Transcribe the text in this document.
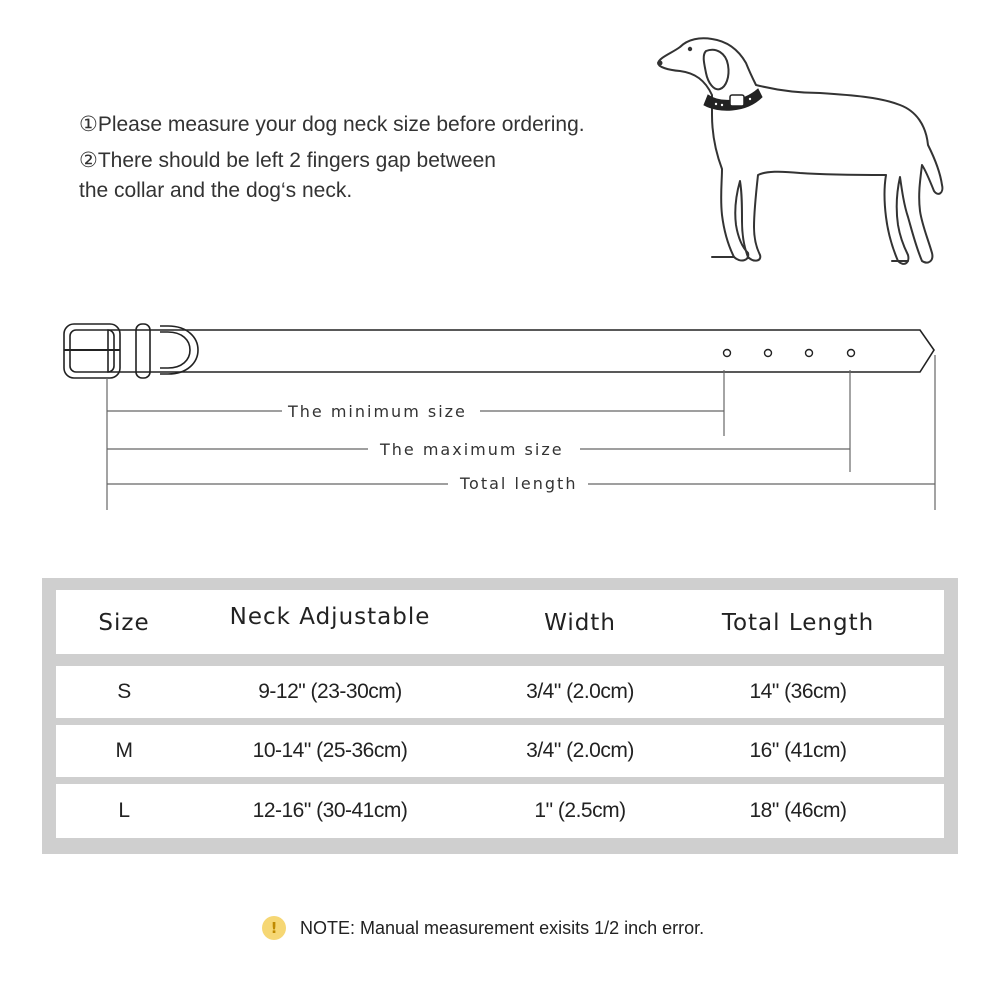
①Please measure your dog neck size before ordering.

②There should be left 2 fingers gap between
the collar and the dog‘s neck.

The minimum size
The maximum size
Total length
Size	Neck Adjustable	Width	Total Length
S	9-12" (23-30cm)	3/4" (2.0cm)	14" (36cm)
M	10-14" (25-36cm)	3/4" (2.0cm)	16" (41cm)
L	12-16" (30-41cm)	1" (2.5cm)	18" (46cm)
!	NOTE: Manual measurement exisits 1/2 inch error.
